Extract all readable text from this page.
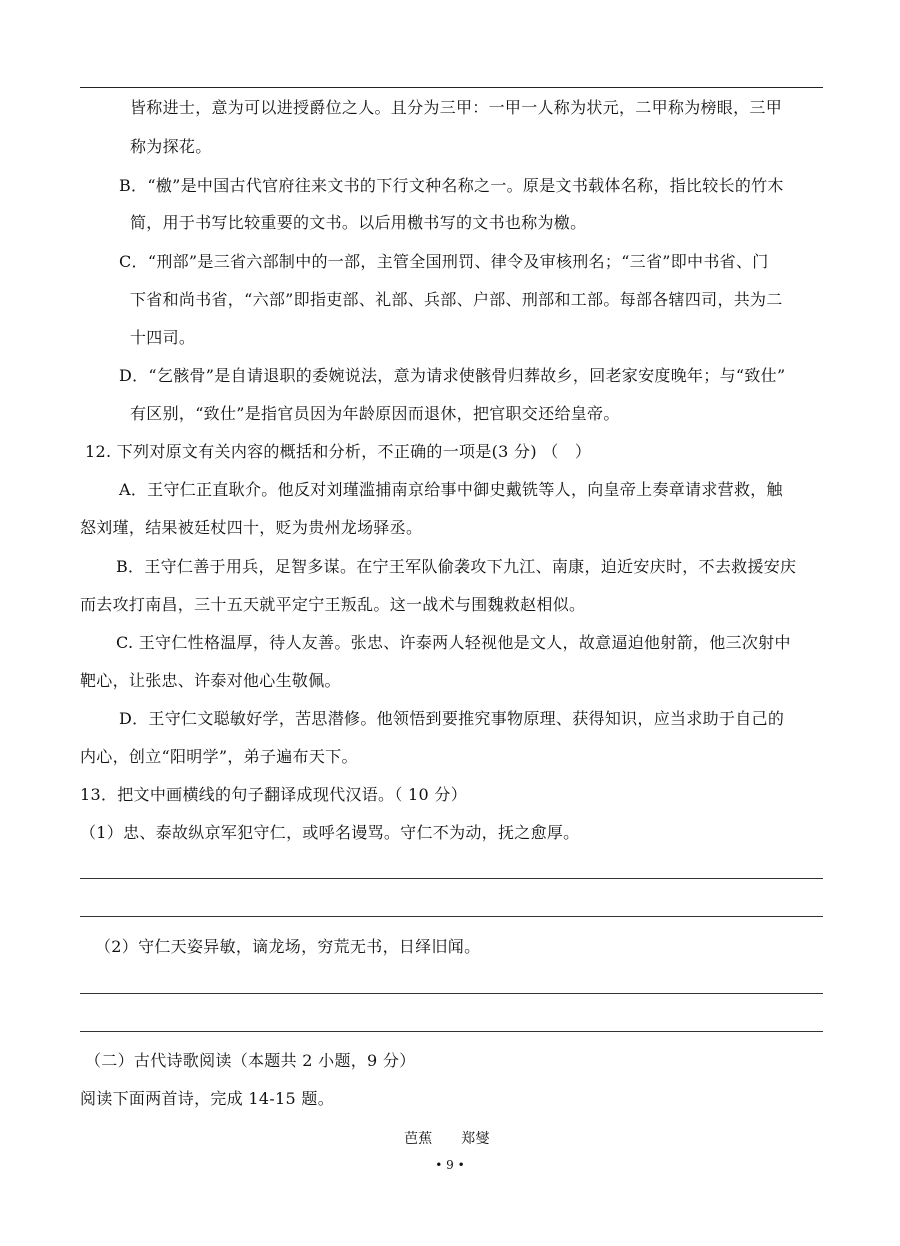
皆称进士，意为可以进授爵位之人。且分为三甲：一甲一人称为状元，二甲称为榜眼，三甲
称为探花。
B．“檄”是中国古代官府往来文书的下行文种名称之一。原是文书载体名称，指比较长的竹木
简，用于书写比较重要的文书。以后用檄书写的文书也称为檄。
C．“刑部”是三省六部制中的一部，主管全国刑罚、律令及审核刑名；“三省”即中书省、门
下省和尚书省，“六部”即指吏部、礼部、兵部、户部、刑部和工部。每部各辖四司，共为二
十四司。
D．“乞骸骨”是自请退职的委婉说法，意为请求使骸骨归葬故乡，回老家安度晚年；与“致仕”
有区别，“致仕”是指官员因为年龄原因而退休，把官职交还给皇帝。
12. 下列对原文有关内容的概括和分析，不正确的一项是(3 分) （　）
A．王守仁正直耿介。他反对刘瑾滥捕南京给事中御史戴铣等人，向皇帝上奏章请求营救，触
怒刘瑾，结果被廷杖四十，贬为贵州龙场驿丞。
B．王守仁善于用兵，足智多谋。在宁王军队偷袭攻下九江、南康，迫近安庆时，不去救援安庆
而去攻打南昌，三十五天就平定宁王叛乱。这一战术与围魏救赵相似。
C. 王守仁性格温厚，待人友善。张忠、许泰两人轻视他是文人，故意逼迫他射箭，他三次射中
靶心，让张忠、许泰对他心生敬佩。
D．王守仁文聪敏好学，苦思潜修。他领悟到要推究事物原理、获得知识，应当求助于自己的
内心，创立“阳明学”，弟子遍布天下。
13．把文中画横线的句子翻译成现代汉语。（ 10 分）
（1）忠、泰故纵京军犯守仁，或呼名谩骂。守仁不为动，抚之愈厚。
（2）守仁天姿异敏，谪龙场，穷荒无书，日绎旧闻。
（二）古代诗歌阅读（本题共 2 小题，9 分）
阅读下面两首诗，完成 14-15 题。
芭蕉　　郑燮
• 9 •
